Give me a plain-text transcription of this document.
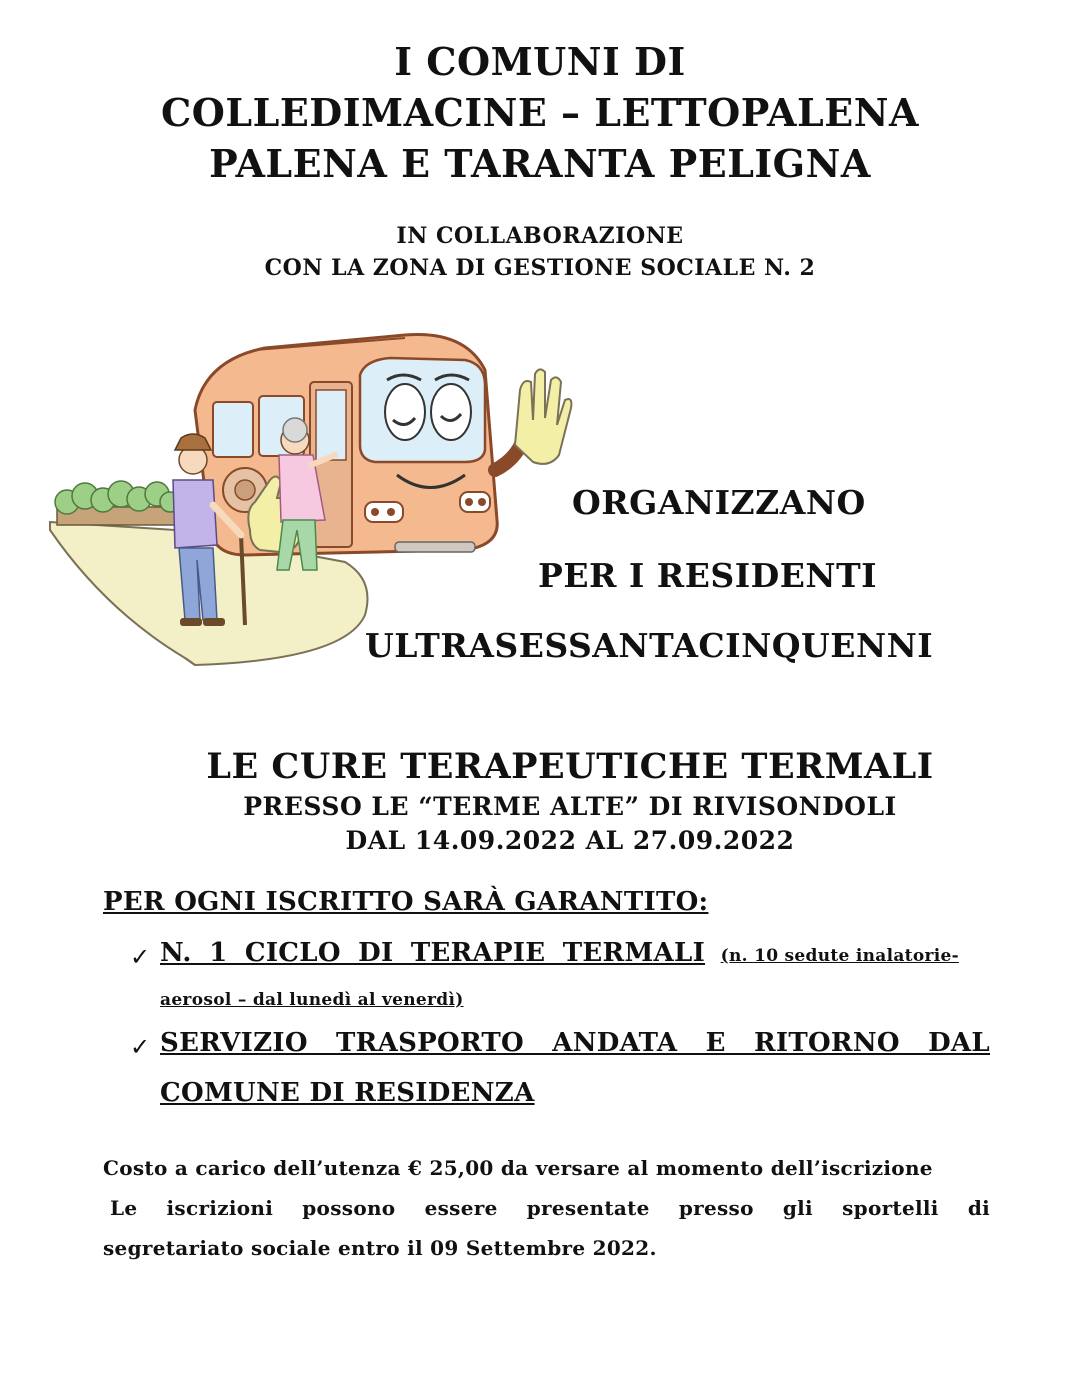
I COMUNI DI
COLLEDIMACINE – LETTOPALENA
PALENA E TARANTA PELIGNA
IN COLLABORAZIONE
CON LA ZONA DI GESTIONE SOCIALE N. 2
ORGANIZZANO
PER I RESIDENTI
ULTRASESSANTACINQUENNI
LE CURE TERAPEUTICHE TERMALI
PRESSO LE “TERME ALTE” DI RIVISONDOLI
DAL 14.09.2022 AL 27.09.2022
PER OGNI ISCRITTO SARÀ GARANTITO:
✓ N. 1 CICLO DI TERAPIE TERMALI (n. 10 sedute inalatorie-
aerosol – dal lunedì al venerdì)
✓ SERVIZIO TRASPORTO ANDATA E RITORNO DAL
COMUNE DI RESIDENZA
Costo a carico dell’utenza € 25,00 da versare al momento dell’iscrizione
Le iscrizioni possono essere presentate presso gli sportelli di
segretariato sociale entro il 09 Settembre 2022.
